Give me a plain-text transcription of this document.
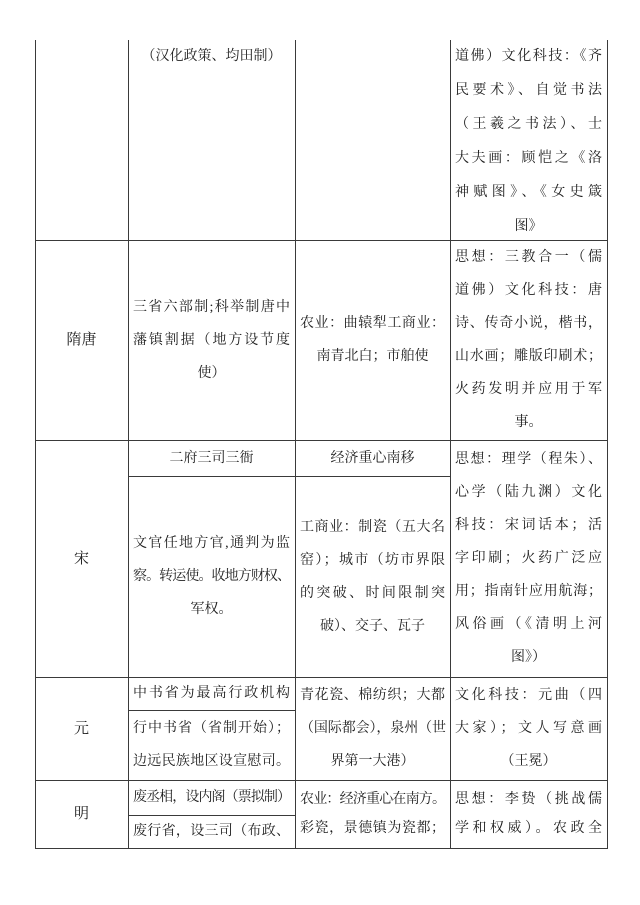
（汉化政策、均田制）	道佛）文化科技：《齐
民要术》、自觉书法
（王羲之书法）、士
大夫画：顾恺之《洛
神赋图》、《女史箴
图》
隋唐
三省六部制;科举制唐中
藩镇割据（地方设节度
使）
农业：曲辕犁工商业：
南青北白；市舶使
思想：三教合一（儒
道佛）文化科技：唐
诗、传奇小说，楷书，
山水画；雕版印刷术；
火药发明并应用于军
事。
宋
二府三司三衙
文官任地方官,通判为监
察。转运使。收地方财权、
军权。
经济重心南移
工商业：制瓷（五大名
窑）；城市（坊市界限
的突破、时间限制突
破）、交子、瓦子
思想：理学（程朱）、
心学（陆九渊）文化
科技：宋词话本；活
字印刷；火药广泛应
用；指南针应用航海；
风俗画（《清明上河
图》）
元
中书省为最高行政机构
行中书省（省制开始）；
边远民族地区设宣慰司。
青花瓷、棉纺织；大都
（国际都会），泉州（世
界第一大港）
文化科技：元曲（四
大家）；文人写意画
（王冕）
明
废丞相，设内阁（票拟制）
废行省，设三司（布政、
农业：经济重心在南方。
彩瓷，景德镇为瓷都；
思想：李贽（挑战儒
学和权威）。农政全
